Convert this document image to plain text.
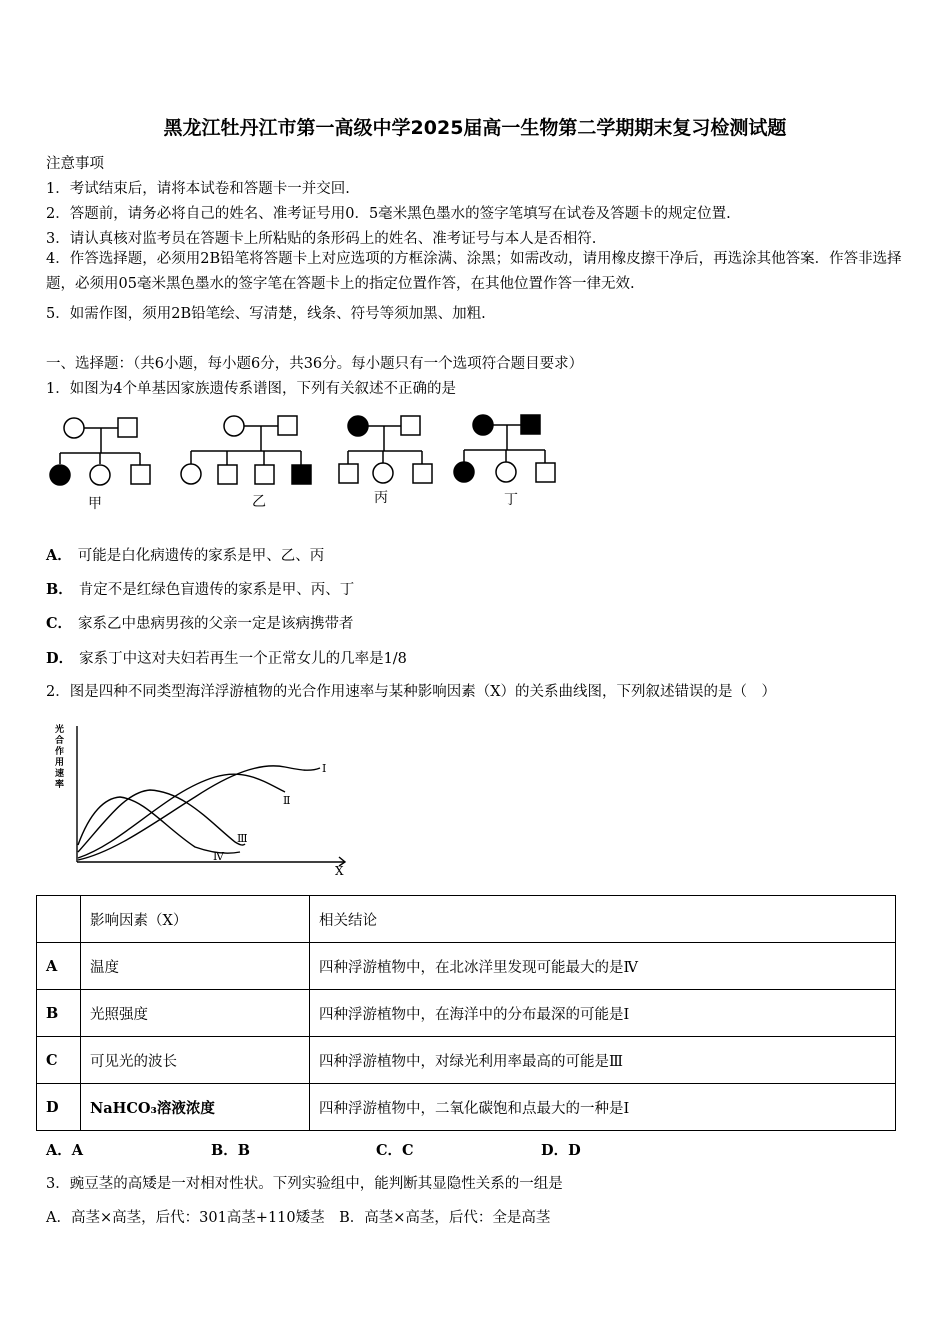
黑龙江牡丹江市第一高级中学2025届高一生物第二学期期末复习检测试题
注意事项
1．考试结束后，请将本试卷和答题卡一并交回.
2．答题前，请务必将自己的姓名、准考证号用0．5毫米黑色墨水的签字笔填写在试卷及答题卡的规定位置.
3．请认真核对监考员在答题卡上所粘贴的条形码上的姓名、准考证号与本人是否相符.
4．作答选择题，必须用2B铅笔将答题卡上对应选项的方框涂满、涂黑；如需改动，请用橡皮擦干净后，再选涂其他答案．作答非选择题，必须用05毫米黑色墨水的签字笔在答题卡上的指定位置作答，在其他位置作答一律无效.
5．如需作图，须用2B铅笔绘、写清楚，线条、符号等须加黑、加粗.
一、选择题：（共6小题，每小题6分，共36分。每小题只有一个选项符合题目要求）
1．如图为4个单基因家族遗传系谱图，下列有关叙述不正确的是
甲	乙	丙	丁
A． 可能是白化病遗传的家系是甲、乙、丙
B． 肯定不是红绿色盲遗传的家系是甲、丙、丁
C． 家系乙中患病男孩的父亲一定是该病携带者
D． 家系丁中这对夫妇若再生一个正常女儿的几率是1/8
2．图是四种不同类型海洋浮游植物的光合作用速率与某种影响因素（X）的关系曲线图，下列叙述错误的是（　）
光合作用速率
X
Ⅰ
Ⅱ
Ⅲ
Ⅳ
	影响因素（X）	相关结论
A	温度	四种浮游植物中，在北冰洋里发现可能最大的是Ⅳ
B	光照强度	四种浮游植物中，在海洋中的分布最深的可能是Ⅰ
C	可见光的波长	四种浮游植物中，对绿光利用率最高的可能是Ⅲ
D	NaHCO₃溶液浓度	四种浮游植物中，二氧化碳饱和点最大的一种是Ⅰ
A．A	B．B	C．C	D．D
3．豌豆茎的高矮是一对相对性状。下列实验组中，能判断其显隐性关系的一组是
A．高茎×高茎，后代：301高茎+110矮茎　B．高茎×高茎，后代：全是高茎
